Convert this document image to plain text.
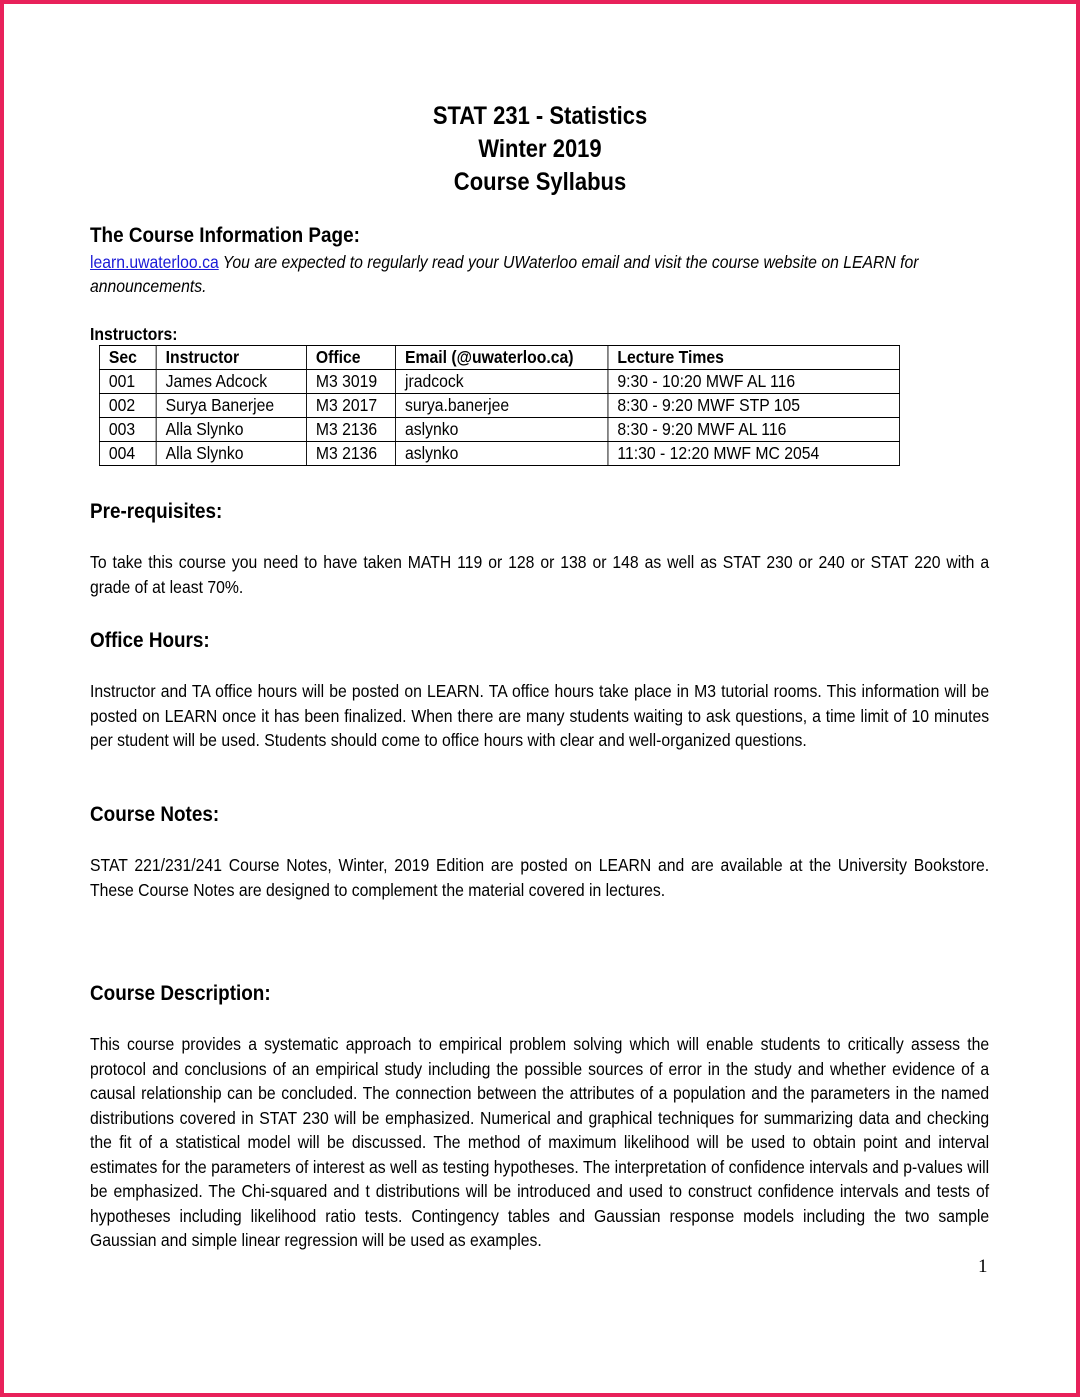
STAT 231 - Statistics
Winter 2019
Course Syllabus
The Course Information Page:
learn.uwaterloo.ca You are expected to regularly read your UWaterloo email and visit the course website on LEARN for announcements.
Instructors:
Sec	Instructor	Office	Email (@uwaterloo.ca)	Lecture Times
001	James Adcock	M3 3019	jradcock	9:30 - 10:20 MWF AL 116
002	Surya Banerjee	M3 2017	surya.banerjee	8:30 - 9:20 MWF STP 105
003	Alla Slynko	M3 2136	aslynko	8:30 - 9:20 MWF AL 116
004	Alla Slynko	M3 2136	aslynko	11:30 - 12:20 MWF MC 2054
Pre-requisites:

To take this course you need to have taken MATH 119 or 128 or 138 or 148 as well as STAT 230 or 240 or STAT 220 with a grade of at least 70%.

Office Hours:

Instructor and TA office hours will be posted on LEARN. TA office hours take place in M3 tutorial rooms. This information will be posted on LEARN once it has been finalized. When there are many students waiting to ask questions, a time limit of 10 minutes per student will be used. Students should come to office hours with clear and well-organized questions.

Course Notes:

STAT 221/231/241 Course Notes, Winter, 2019 Edition are posted on LEARN and are available at the University Bookstore. These Course Notes are designed to complement the material covered in lectures.

Course Description:

This course provides a systematic approach to empirical problem solving which will enable students to critically assess the protocol and conclusions of an empirical study including the possible sources of error in the study and whether evidence of a causal relationship can be concluded. The connection between the attributes of a population and the parameters in the named distributions covered in STAT 230 will be emphasized. Numerical and graphical techniques for summarizing data and checking the fit of a statistical model will be discussed. The method of maximum likelihood will be used to obtain point and interval estimates for the parameters of interest as well as testing hypotheses. The interpretation of confidence intervals and p-values will be emphasized. The Chi-squared and t distributions will be introduced and used to construct confidence intervals and tests of hypotheses including likelihood ratio tests. Contingency tables and Gaussian response models including the two sample Gaussian and simple linear regression will be used as examples.

1
